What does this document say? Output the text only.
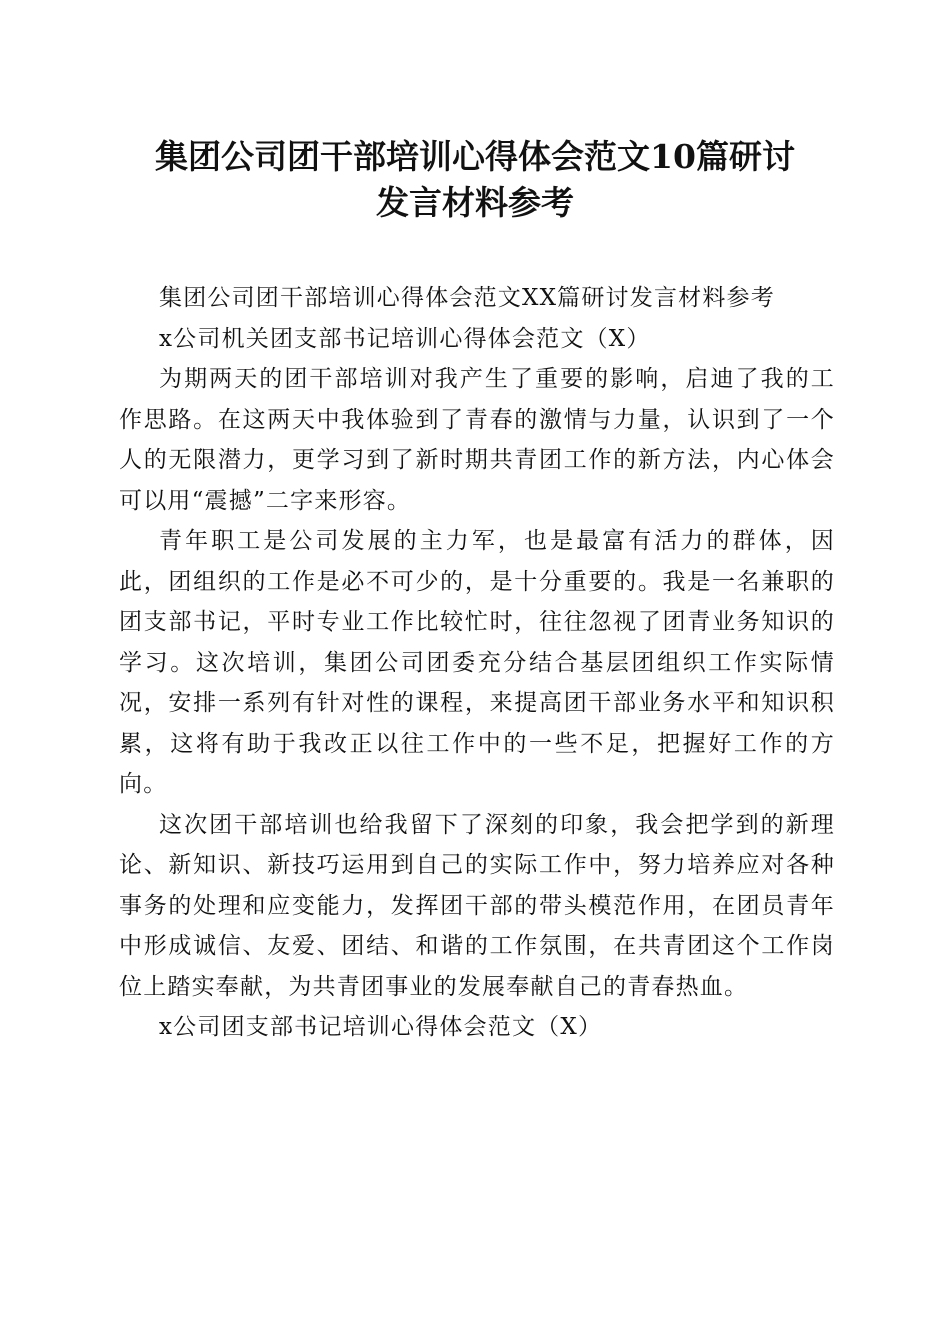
集团公司团干部培训心得体会范文10篇研讨
发言材料参考

集团公司团干部培训心得体会范文XX篇研讨发言材料参考

x公司机关团支部书记培训心得体会范文（X）

为期两天的团干部培训对我产生了重要的影响，启迪了我的工作思路。在这两天中我体验到了青春的激情与力量，认识到了一个人的无限潜力，更学习到了新时期共青团工作的新方法，内心体会可以用“震撼”二字来形容。

青年职工是公司发展的主力军，也是最富有活力的群体，因此，团组织的工作是必不可少的，是十分重要的。我是一名兼职的团支部书记，平时专业工作比较忙时，往往忽视了团青业务知识的学习。这次培训，集团公司团委充分结合基层团组织工作实际情况，安排一系列有针对性的课程，来提高团干部业务水平和知识积累，这将有助于我改正以往工作中的一些不足，把握好工作的方向。

这次团干部培训也给我留下了深刻的印象，我会把学到的新理论、新知识、新技巧运用到自己的实际工作中，努力培养应对各种事务的处理和应变能力，发挥团干部的带头模范作用，在团员青年中形成诚信、友爱、团结、和谐的工作氛围，在共青团这个工作岗位上踏实奉献，为共青团事业的发展奉献自己的青春热血。

x公司团支部书记培训心得体会范文（X）
